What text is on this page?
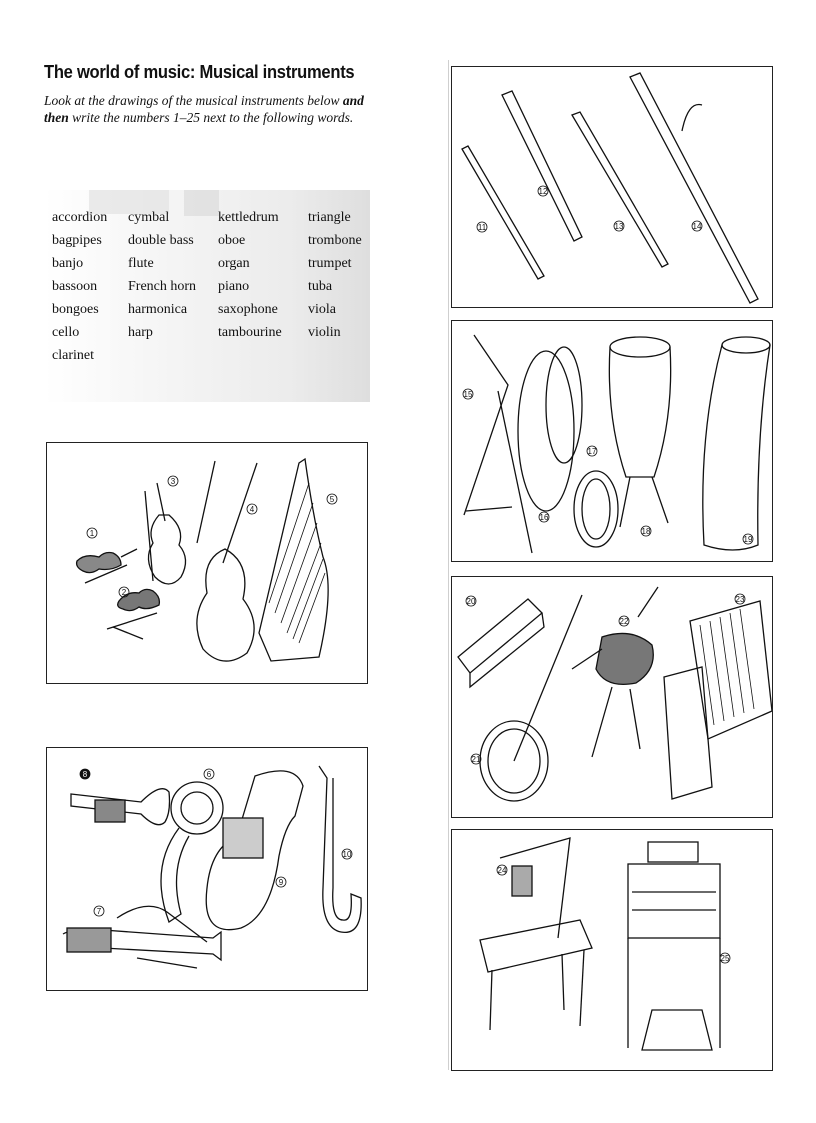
The world of music: Musical instruments
Look at the drawings of the musical instruments below and then write the numbers 1–25 next to the following words.
accordion
bagpipes
banjo
bassoon
bongoes
cello
clarinet
cymbal
double bass
flute
French horn
harmonica
harp
kettledrum
oboe
organ
piano
saxophone
tambourine
triangle
trombone
trumpet
tuba
viola
violin
1
2
3
4
5
6
7
8
9
10
11
12
13	14
15
16
17
18
19
20
21
22
23
24
25
